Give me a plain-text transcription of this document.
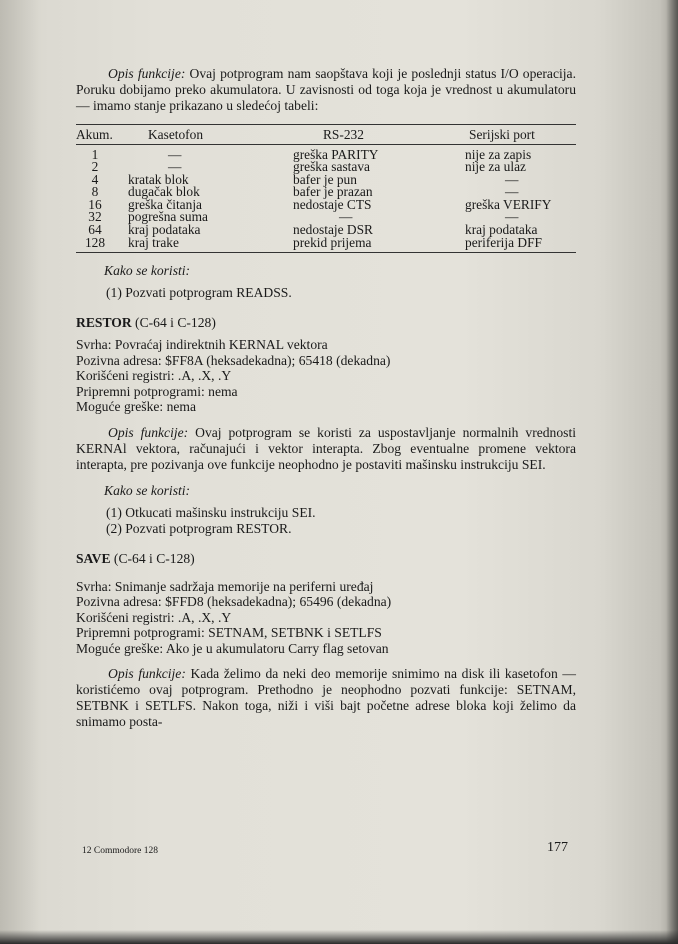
Opis funkcije: Ovaj potprogram nam saopštava koji je poslednji status I/O operacija. Poruku dobijamo preko akumulatora. U zavisnosti od toga koja je vrednost u akumulatoru — imamo stanje prikazano u sledećoj tabeli:

Akum.	Kasetofon	RS-232	Serijski port

1	—	greška PARITY	nije za zapis
2	—	greška sastava	nije za ulaz
4	kratak blok	bafer je pun	—
8	dugačak blok	bafer je prazan	—
16	greška čitanja	nedostaje CTS	greška VERIFY
32	pogrešna suma	—	—
64	kraj podataka	nedostaje DSR	kraj podataka
128	kraj trake	prekid prijema	periferija DFF
Kako se koristi:
(1) Pozvati potprogram READSS.
RESTOR (C-64 i C-128)
Svrha: Povraćaj indirektnih KERNAL vektora
Pozivna adresa: $FF8A (heksadekadna); 65418 (dekadna)
Korišćeni registri: .A, .X, .Y
Pripremni potprogrami: nema
Moguće greške: nema

Opis funkcije: Ovaj potprogram se koristi za uspostavljanje normalnih vrednosti KERNAl vektora, računajući i vektor interapta. Zbog eventualne promene vektora interapta, pre pozivanja ove funkcije neophodno je postaviti mašinsku instrukciju SEI.

Kako se koristi:
(1) Otkucati mašinsku instrukciju SEI.
(2) Pozvati potprogram RESTOR.
SAVE (C-64 i C-128)
Svrha: Snimanje sadržaja memorije na periferni uređaj
Pozivna adresa: $FFD8 (heksadekadna); 65496 (dekadna)
Korišćeni registri: .A, .X, .Y
Pripremni potprogrami: SETNAM, SETBNK i SETLFS
Moguće greške: Ako je u akumulatoru Carry flag setovan

Opis funkcije: Kada želimo da neki deo memorije snimimo na disk ili kasetofon — koristićemo ovaj potprogram. Prethodno je neophodno pozvati funkcije: SETNAM, SETBNK i SETLFS. Nakon toga, niži i viši bajt početne adrese bloka koji želimo da snimamo posta-

12 Commodore 128	177
